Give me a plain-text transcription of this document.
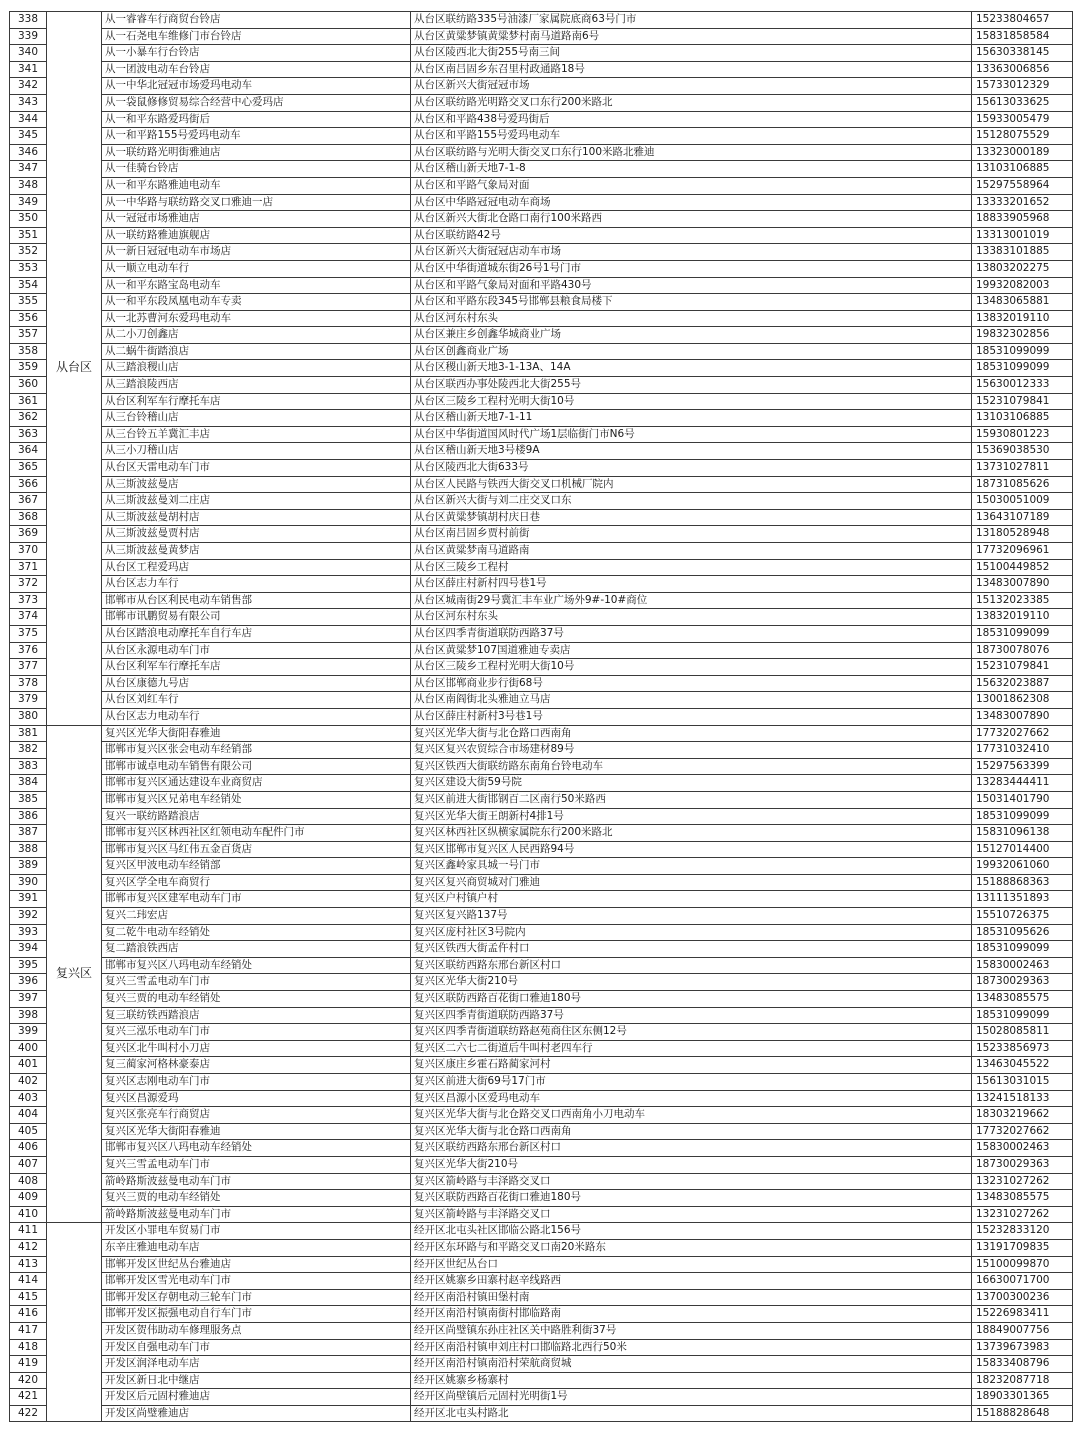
338	从台区	从一睿睿车行商贸台铃店	从台区联纺路335号油漆厂家属院底商63号门市	15233804657
339		从一石尧电车维修门市台铃店	从台区黄粱梦镇黄粱梦村南马道路南6号	15831858584
340		从一小暴车行台铃店	从台区陵西北大街255号南三间	15630338145
341		从一团波电动车台铃店	从台区南吕固乡东召里村政通路18号	13363006856
342		从一中华北冠冠市场爱玛电动车	从台区新兴大街冠冠市场	15733012329
343		从一袋鼠修修贸易综合经营中心爱玛店	从台区联纺路光明路交叉口东行200米路北	15613033625
344		从一和平东路爱玛街后	从台区和平路438号爱玛街后	15933005479
345		从一和平路155号爱玛电动车	从台区和平路155号爱玛电动车	15128075529
346		从一联纺路光明街雅迪店	从台区联纺路与光明大街交叉口东行100米路北雅迪	13323000189
347		从一佳骑台铃店	从台区稽山新天地7-1-8	13103106885
348		从一和平东路雅迪电动车	从台区和平路气象局对面	15297558964
349		从一中华路与联纺路交叉口雅迪一店	从台区中华路冠冠电动车商场	13333201652
350		从一冠冠市场雅迪店	从台区新兴大街北仓路口南行100米路西	18833905968
351		从一联纺路雅迪旗舰店	从台区联纺路42号	13313001019
352		从一新日冠冠电动车市场店	从台区新兴大街冠冠店动车市场	13383101885
353		从一顺立电动车行	从台区中华街道城东街26号1号门市	13803202275
354		从一和平东路宝岛电动车	从台区和平路气象局对面和平路430号	19932082003
355		从一和平东段凤凰电动车专卖	从台区和平路东段345号邯郸县粮食局楼下	13483065881
356		从一北苏曹河东爱玛电动车	从台区河东村东头	13832019110
357		从二小刀创鑫店	从台区兼庄乡创鑫华城商业广场	19832302856
358		从二蜗牛街踏浪店	从台区创鑫商业广场	18531099099
359		从三踏浪稷山店	从台区稷山新天地3-1-13A、14A	18531099099
360		从三踏浪陵西店	从台区联西办事处陵西北大街255号	15630012333
361		从台区利军车行摩托车店	从台区三陵乡工程村光明大街10号	15231079841
362		从三台铃稽山店	从台区稽山新天地7-1-11	13103106885
363		从三台铃五羊冀汇丰店	从台区中华街道国风时代广场1层临街门市N6号	15930801223
364		从三小刀稽山店	从台区稽山新天地3号楼9A	15369038530
365		从台区天雷电动车门市	从台区陵西北大街633号	13731027811
366		从三斯波兹曼店	从台区人民路与铁西大街交叉口机械厂院内	18731085626
367		从三斯波兹曼刘二庄店	从台区新兴大街与刘二庄交叉口东	15030051009
368		从三斯波兹曼胡村店	从台区黄粱梦镇胡村庆日巷	13643107189
369		从三斯波兹曼贾村店	从台区南吕固乡贾村前街	13180528948
370		从三斯波兹曼黄梦店	从台区黄粱梦南马道路南	17732096961
371		从台区工程爱玛店	从台区三陵乡工程村	15100449852
372		从台区志力车行	从台区薛庄村新村四号巷1号	13483007890
373		邯郸市从台区利民电动车销售部	从台区城南街29号冀汇丰车业广场外9#-10#商位	15132023385
374		邯郸市讯鹏贸易有限公司	从台区河东村东头	13832019110
375		从台区踏浪电动摩托车自行车店	从台区四季青街道联防西路37号	18531099099
376		从台区永源电动车门市	从台区黄粱梦107国道雅迪专卖店	18730078076
377		从台区利军车行摩托车店	从台区三陵乡工程村光明大街10号	15231079841
378		从台区康德九号店	从台区邯郸商业步行街68号	15632023887
379		从台区刘红车行	从台区南阎街北头雅迪立马店	13001862308
380		从台区志力电动车行	从台区薛庄村新村3号巷1号	13483007890
381	复兴区	复兴区光华大街阳春雅迪	复兴区光华大街与北仓路口西南角	17732027662
382		邯郸市复兴区张会电动车经销部	复兴区复兴农贸综合市场建材89号	17731032410
383		邯郸市诚卓电动车销售有限公司	复兴区铁西大街联纺路东南角台铃电动车	15297563399
384		邯郸市复兴区通达建设车业商贸店	复兴区建设大街59号院	13283444411
385		邯郸市复兴区兄弟电车经销处	复兴区前进大街邯钢百二区南行50米路西	15031401790
386		复兴一联纺路踏浪店	复兴区光华大街王朗新村4排1号	18531099099
387		邯郸市复兴区林西社区红领电动车配件门市	复兴区林西社区纵横家属院东行200米路北	15831096138
388		邯郸市复兴区马红伟五金百货店	复兴区邯郸市复兴区人民西路94号	15127014400
389		复兴区甲波电动车经销部	复兴区鑫岭家具城一号门市	19932061060
390		复兴区学全电车商贸行	复兴区复兴商贸城对门雅迪	15188868363
391		邯郸市复兴区建军电动车门市	复兴区户村镇户村	13111351893
392		复兴二玮宏店	复兴区复兴路137号	15510726375
393		复二乾牛电动车经销处	复兴区庞村社区3号院内	18531095626
394		复二踏浪铁西店	复兴区铁西大街孟仵村口	18531099099
395		邯郸市复兴区八玛电动车经销处	复兴区联纺西路东邢台新区村口	15830002463
396		复兴三雪孟电动车门市	复兴区光华大街210号	18730029363
397		复兴三贾的电动车经销处	复兴区联防西路百花街口雅迪180号	13483085575
398		复三联纺铁西踏浪店	复兴区四季青街道联防西路37号	18531099099
399		复兴三泓乐电动车门市	复兴区四季青街道联纺路赵苑商住区东侧12号	15028085811
400		复兴区北牛叫村小刀店	复兴区二六七二街道后牛叫村老四车行	15233856973
401		复三蔺家河格林豪泰店	复兴区康庄乡霍石路蔺家河村	13463045522
402		复兴区志刚电动车门市	复兴区前进大街69号17门市	15613031015
403		复兴区昌源爱玛	复兴区昌源小区爱玛电动车	13241518133
404		复兴区张亮车行商贸店	复兴区光华大街与北仓路交叉口西南角小刀电动车	18303219662
405		复兴区光华大街阳春雅迪	复兴区光华大街与北仓路口西南角	17732027662
406		邯郸市复兴区八玛电动车经销处	复兴区联纺西路东邢台新区村口	15830002463
407		复兴三雪孟电动车门市	复兴区光华大街210号	18730029363
408		箭岭路斯波兹曼电动车门市	复兴区箭岭路与丰泽路交叉口	13231027262
409		复兴三贾的电动车经销处	复兴区联防西路百花街口雅迪180号	13483085575
410		箭岭路斯波兹曼电动车门市	复兴区箭岭路与丰泽路交叉口	13231027262
411		开发区小罪电车贸易门市	经开区北屯头社区邯临公路北156号	15232833120
412		东辛庄雅迪电动车店	经开区东环路与和平路交叉口南20米路东	13191709835
413		邯郸开发区世纪丛台雅迪店	经开区世纪丛台口	15100099870
414		邯郸开发区雪光电动车门市	经开区姚寨乡田寨村赵辛线路西	16630071700
415		邯郸开发区存朝电动三轮车门市	经开区南沿村镇田堡村南	13700300236
416		邯郸开发区振强电动自行车门市	经开区南沿村镇南街村邯临路南	15226983411
417		开发区贺伟助动车修理服务点	经开区尚璧镇东孙庄社区关中路胜利街37号	18849007756
418		开发区自强电动车门市	经开区南沿村镇申刘庄村口邯临路北西行50米	13739673983
419		开发区润泽电动车店	经开区南沿村镇南沿村荣航商贸城	15833408796
420		开发区新日北中继店	经开区姚寨乡杨寨村	18232087718
421		开发区后元固村雅迪店	经开区尚壁镇后元固村光明街1号	18903301365
422		开发区尚璧雅迪店	经开区北屯头村路北	15188828648
